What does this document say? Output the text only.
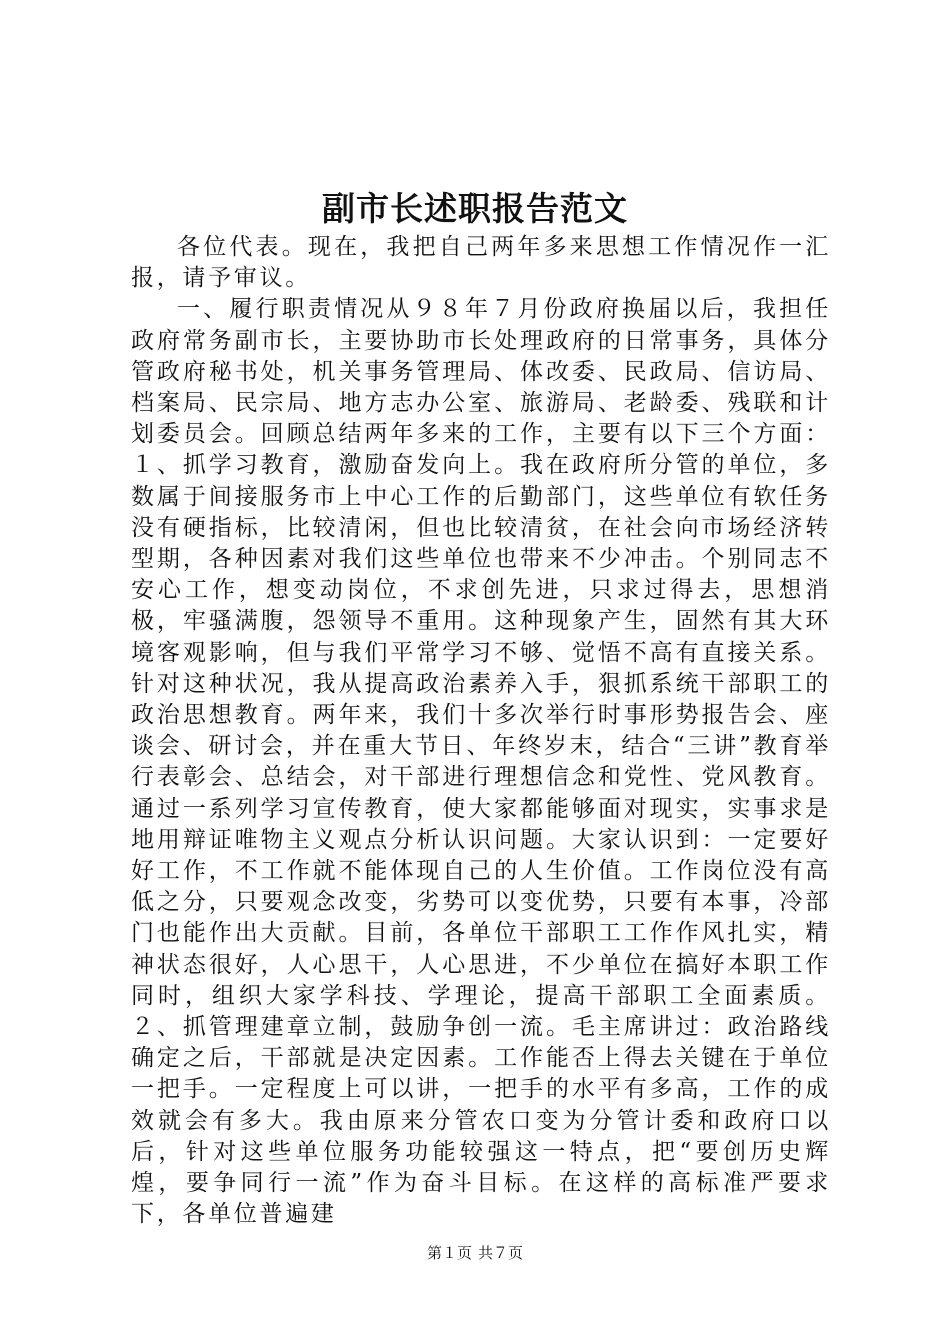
副市长述职报告范文

各位代表。现在，我把自己两年多来思想工作情况作一汇报，请予审议。

一、履行职责情况从９８年７月份政府换届以后，我担任政府常务副市长，主要协助市长处理政府的日常事务，具体分管政府秘书处，机关事务管理局、体改委、民政局、信访局、档案局、民宗局、地方志办公室、旅游局、老龄委、残联和计划委员会。回顾总结两年多来的工作，主要有以下三个方面：１、抓学习教育，激励奋发向上。我在政府所分管的单位，多数属于间接服务市上中心工作的后勤部门，这些单位有软任务没有硬指标，比较清闲，但也比较清贫，在社会向市场经济转型期，各种因素对我们这些单位也带来不少冲击。个别同志不安心工作，想变动岗位，不求创先进，只求过得去，思想消极，牢骚满腹，怨领导不重用。这种现象产生，固然有其大环境客观影响，但与我们平常学习不够、觉悟不高有直接关系。针对这种状况，我从提高政治素养入手，狠抓系统干部职工的政治思想教育。两年来，我们十多次举行时事形势报告会、座谈会、研讨会，并在重大节日、年终岁末，结合“三讲”教育举行表彰会、总结会，对干部进行理想信念和党性、党风教育。通过一系列学习宣传教育，使大家都能够面对现实，实事求是地用辩证唯物主义观点分析认识问题。大家认识到：一定要好好工作，不工作就不能体现自己的人生价值。工作岗位没有高低之分，只要观念改变，劣势可以变优势，只要有本事，冷部门也能作出大贡献。目前，各单位干部职工工作作风扎实，精神状态很好，人心思干，人心思进，不少单位在搞好本职工作同时，组织大家学科技、学理论，提高干部职工全面素质。２、抓管理建章立制，鼓励争创一流。毛主席讲过：政治路线确定之后，干部就是决定因素。工作能否上得去关键在于单位一把手。一定程度上可以讲，一把手的水平有多高，工作的成效就会有多大。我由原来分管农口变为分管计委和政府口以后，针对这些单位服务功能较强这一特点，把“要创历史辉煌，要争同行一流”作为奋斗目标。在这样的高标准严要求下，各单位普遍建

第１页 共７页
